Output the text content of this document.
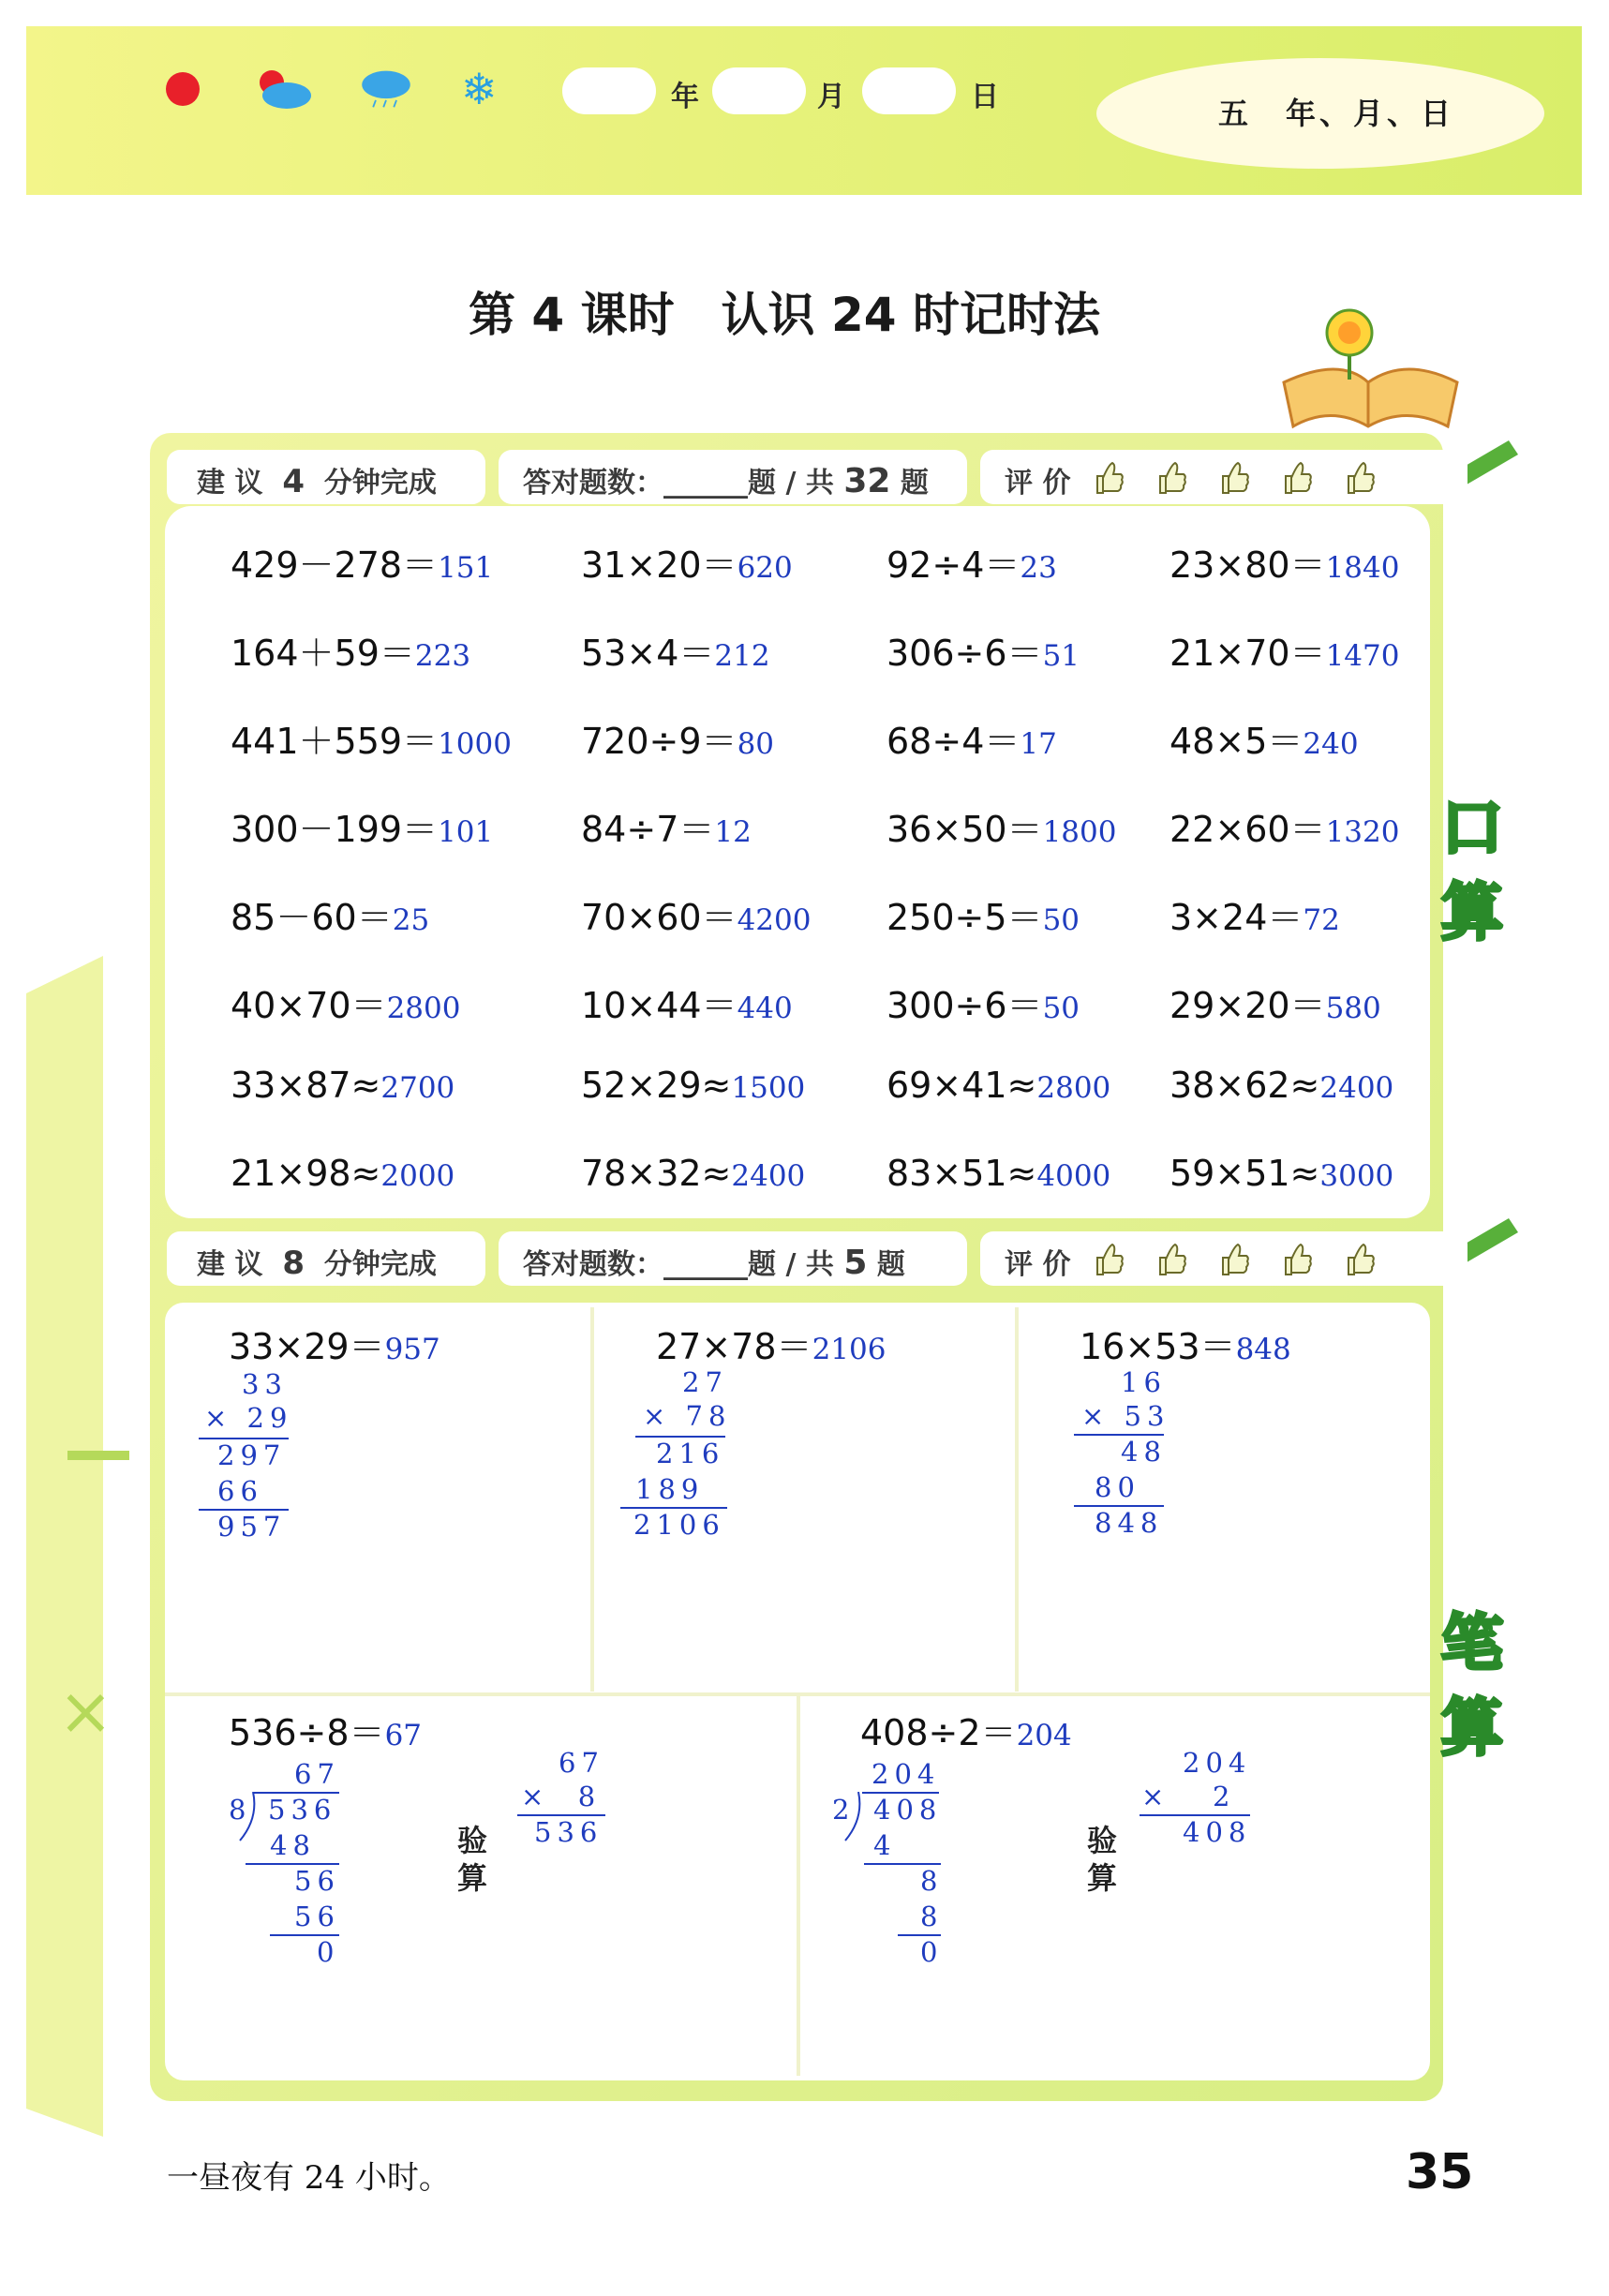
×
❄	年	月	日	五　年、月、日
第 4 课时　认识 24 时记时法
建 议 4 分钟完成	答对题数：______题 / 共 32 题	评 价
429－278＝151 31×20＝620	92÷4＝23	23×80＝1840
164＋59＝223	53×4＝212	306÷6＝51	21×70＝1470
441＋559＝1000 720÷9＝80	68÷4＝17	48×5＝240
300－199＝101 84÷7＝12	36×50＝1800 22×60＝1320
85－60＝25	70×60＝4200 250÷5＝50	3×24＝72
40×70＝2800	10×44＝440	300÷6＝50	29×20＝580
33×87≈2700	52×29≈1500 69×41≈2800 38×62≈2400
21×98≈2000	78×32≈2400 83×51≈4000 59×51≈3000
口
算
建 议 8 分钟完成	答对题数：______题 / 共 5 题	评 价
33×29＝957
33
× 29
297
66
957
27×78＝2106
27
× 78
216
189
2106
16×53＝848
16
× 53
48
80
848
536÷8＝67
67
8 536
48
56
56
0
验
算
67
×  8
536
408÷2＝204
204
2 408
4
8
8
0
验
算
204
×   2
408
笔
算
一昼夜有 24 小时。	35
